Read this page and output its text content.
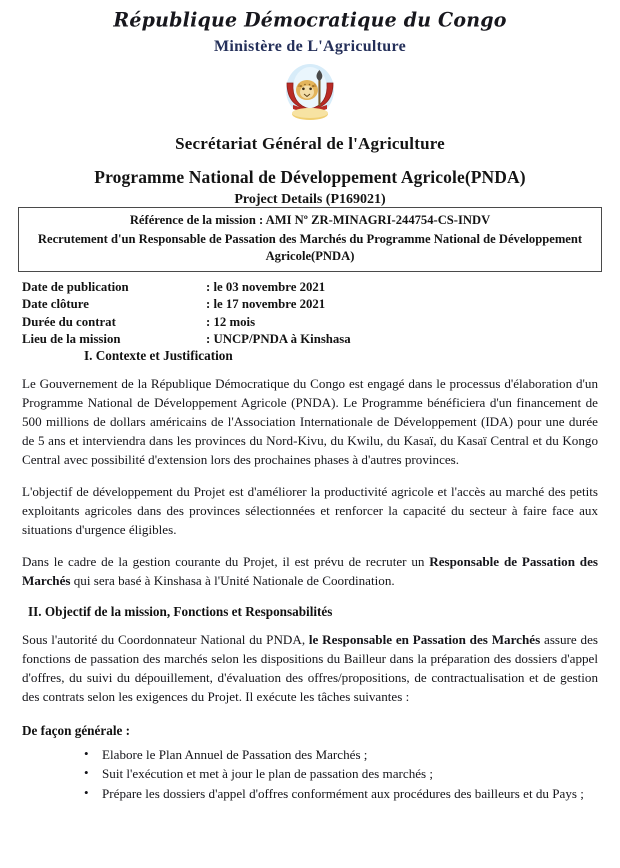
République Démocratique du Congo
Ministère de L'Agriculture
Secrétariat Général de l'Agriculture
Programme National de Développement Agricole(PNDA)
Project Details (P169021)
Référence de la mission : AMI Nº ZR-MINAGRI-244754-CS-INDV
Recrutement d'un Responsable de Passation des Marchés du Programme National de Développement Agricole(PNDA)
Date de publication	: le 03 novembre 2021
Date clôture	: le 17 novembre 2021
Durée du contrat	: 12 mois
Lieu de la mission	: UNCP/PNDA à Kinshasa
I. Contexte et Justification

Le Gouvernement de la République Démocratique du Congo est engagé dans le processus d'élaboration d'un Programme National de Développement Agricole (PNDA). Le Programme bénéficiera d'un financement de 500 millions de dollars américains de l'Association Internationale de Développement (IDA) pour une durée de 5 ans et interviendra dans les provinces du Nord-Kivu, du Kwilu, du Kasaï, du Kasaï Central et du Kongo Central avec possibilité d'extension lors des prochaines phases à d'autres provinces.

L'objectif de développement du Projet est d'améliorer la productivité agricole et l'accès au marché des petits exploitants agricoles dans des provinces sélectionnées et renforcer la capacité du secteur à faire face aux situations d'urgence éligibles.

Dans le cadre de la gestion courante du Projet, il est prévu de recruter un Responsable de Passation des Marchés qui sera basé à Kinshasa à l'Unité Nationale de Coordination.

II. Objectif de la mission, Fonctions et Responsabilités

Sous l'autorité du Coordonnateur National du PNDA, le Responsable en Passation des Marchés assure des fonctions de passation des marchés selon les dispositions du Bailleur dans la préparation des dossiers d'appel d'offres, du suivi du dépouillement, d'évaluation des offres/propositions, de contractualisation et de gestion des contrats selon les exigences du Projet. Il exécute les tâches suivantes :

De façon générale :
• Elabore le Plan Annuel de Passation des Marchés ;
• Suit l'exécution et met à jour le plan de passation des marchés ;
• Prépare les dossiers d'appel d'offres conformément aux procédures des bailleurs et du Pays ;
